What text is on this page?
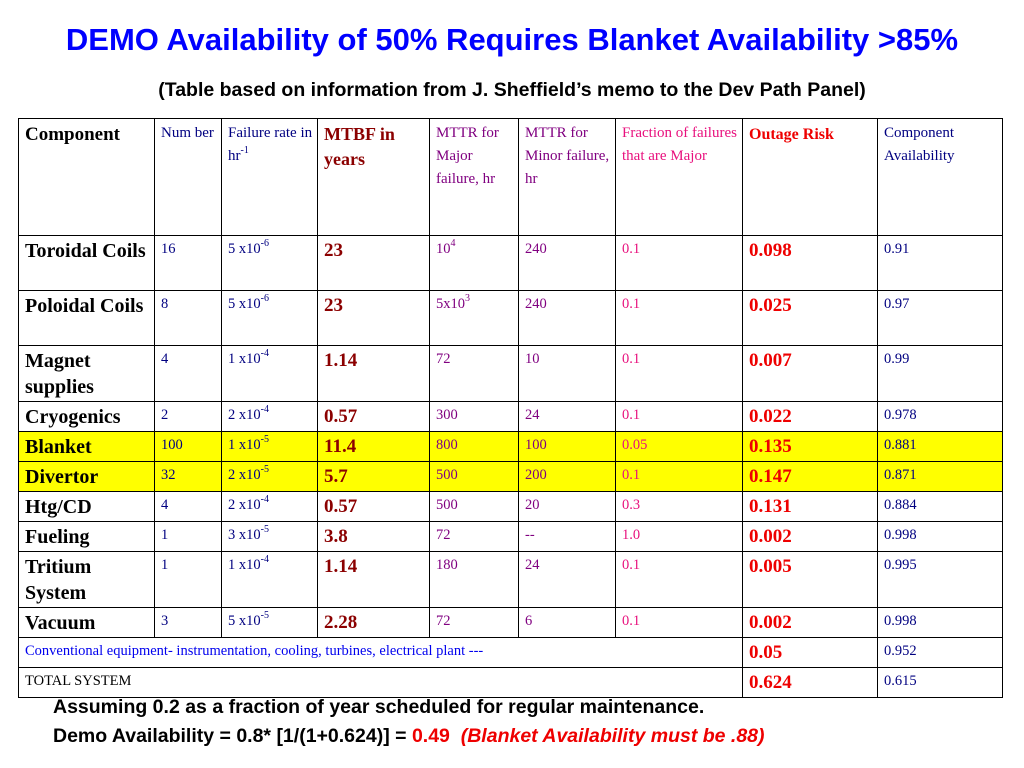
DEMO Availability of 50% Requires Blanket Availability >85%
(Table based on information from J. Sheffield’s memo to the Dev Path Panel)
Component	Num ber	Failure rate in $hr^{-1}$	MTBF in years	MTTR for Major failure, hr	MTTR for Minor failure, hr	Fraction of failures that are Major	Outage Risk	Component Availability
Toroidal Coils	16	5 $x10^{-6}$	23	$10^4$	240	0.1	0.098	0.91
Poloidal Coils	8	5 $x10^{-6}$	23	$5x10^3$	240	0.1	0.025	0.97
Magnet supplies	4	1 $x10^{-4}$	1.14	72	10	0.1	0.007	0.99
Cryogenics	2	2 $x10^{-4}$	0.57	300	24	0.1	0.022	0.978
Blanket	100	1 $x10^{-5}$	11.4	800	100	0.05	0.135	0.881
Divertor	32	2 $x10^{-5}$	5.7	500	200	0.1	0.147	0.871
Htg/CD	4	2 $x10^{-4}$	0.57	500	20	0.3	0.131	0.884
Fueling	1	3 $x10^{-5}$	3.8	72	--	1.0	0.002	0.998
Tritium System	1	1 $x10^{-4}$	1.14	180	24	0.1	0.005	0.995
Vacuum	3	5 $x10^{-5}$	2.28	72	6	0.1	0.002	0.998
Conventional equipment- instrumentation, cooling, turbines, electrical plant ---							0.05	0.952
TOTAL SYSTEM							0.624	0.615

Assuming 0.2 as a fraction of year scheduled for regular maintenance.

Demo Availability = 0.8* [1/(1+0.624)] = 0.49 (Blanket Availability must be .88)
